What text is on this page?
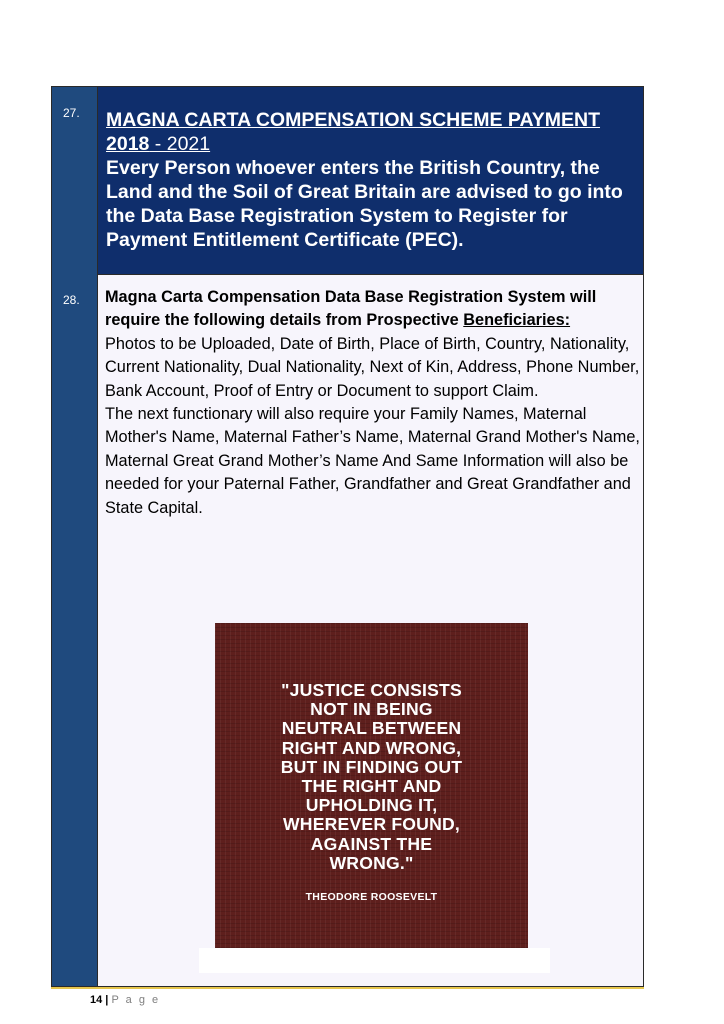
27.
28.
MAGNA CARTA COMPENSATION SCHEME PAYMENT 2018 - 2021
Every Person whoever enters the British Country, the Land and the Soil of Great Britain are advised to go into the Data Base Registration System to Register for Payment Entitlement Certificate (PEC).
Magna Carta Compensation Data Base Registration System will require the following details from Prospective Beneficiaries:
Photos to be Uploaded, Date of Birth, Place of Birth, Country, Nationality, Current Nationality, Dual Nationality, Next of Kin, Address, Phone Number, Bank Account, Proof of Entry or Document to support Claim.
The next functionary will also require your Family Names, Maternal Mother's Name, Maternal Father’s Name, Maternal Grand Mother's Name, Maternal Great Grand Mother’s Name And Same Information will also be needed for your Paternal Father, Grandfather and Great Grandfather and State Capital.
"JUSTICE CONSISTS
NOT IN BEING
NEUTRAL BETWEEN
RIGHT AND WRONG,
BUT IN FINDING OUT
THE RIGHT AND
UPHOLDING IT,
WHEREVER FOUND,
AGAINST THE
WRONG."
THEODORE ROOSEVELT
14 | P a g e
